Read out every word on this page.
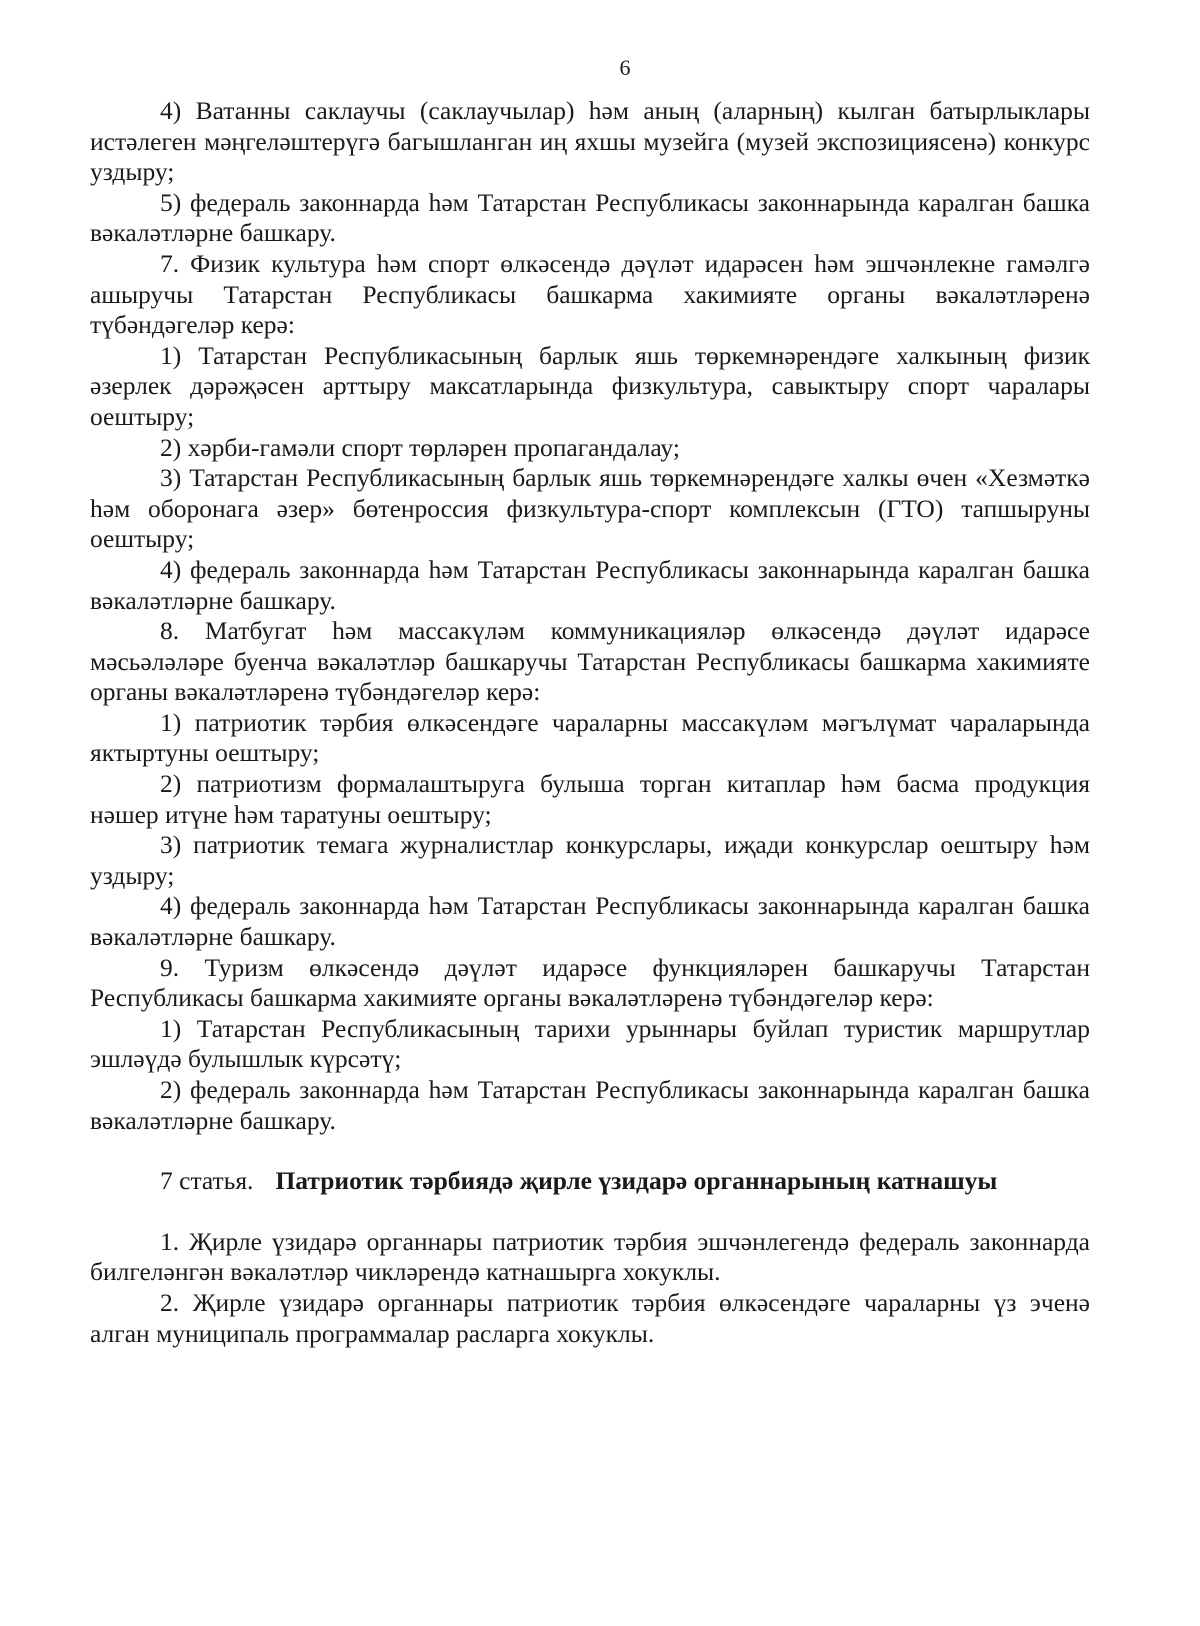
6

4) Ватанны саклаучы (саклаучылар) һәм аның (аларның) кылган батырлыклары истәлеген мәңгеләштерүгә багышланган иң яхшы музейга (музей экспозициясенә) конкурс уздыру;

5) федераль законнарда һәм Татарстан Республикасы законнарында каралган башка вәкаләтләрне башкару.

7. Физик культура һәм спорт өлкәсендә дәүләт идарәсен һәм эшчәнлекне гамәлгә ашыручы Татарстан Республикасы башкарма хакимияте органы вәкаләтләренә түбәндәгеләр керә:

1) Татарстан Республикасының барлык яшь төркемнәрендәге халкының физик әзерлек дәрәҗәсен арттыру максатларында физкультура, савыктыру спорт чаралары оештыру;

2) хәрби-гамәли спорт төрләрен пропагандалау;

3) Татарстан Республикасының барлык яшь төркемнәрендәге халкы өчен «Хезмәткә һәм оборонага әзер» бөтенроссия физкультура-спорт комплексын (ГТО) тапшыруны оештыру;

4) федераль законнарда һәм Татарстан Республикасы законнарында каралган башка вәкаләтләрне башкару.

8. Матбугат һәм массакүләм коммуникацияләр өлкәсендә дәүләт идарәсе мәсьәләләре буенча вәкаләтләр башкаручы Татарстан Республикасы башкарма хакимияте органы вәкаләтләренә түбәндәгеләр керә:

1) патриотик тәрбия өлкәсендәге чараларны массакүләм мәгълүмат чараларында яктыртуны оештыру;

2) патриотизм формалаштыруга булыша торган китаплар һәм басма продукция нәшер итүне һәм таратуны оештыру;

3) патриотик темага журналистлар конкурслары, иҗади конкурслар оештыру һәм уздыру;

4) федераль законнарда һәм Татарстан Республикасы законнарында каралган башка вәкаләтләрне башкару.

9. Туризм өлкәсендә дәүләт идарәсе функцияләрен башкаручы Татарстан Республикасы башкарма хакимияте органы вәкаләтләренә түбәндәгеләр керә:

1) Татарстан Республикасының тарихи урыннары буйлап туристик маршрутлар эшләүдә булышлык күрсәтү;

2) федераль законнарда һәм Татарстан Республикасы законнарында каралган башка вәкаләтләрне башкару.

7 статья. Патриотик тәрбиядә җирле үзидарә органнарының катнашуы

1. Җирле үзидарә органнары патриотик тәрбия эшчәнлегендә федераль законнарда билгеләнгән вәкаләтләр чикләрендә катнашырга хокуклы.

2. Җирле үзидарә органнары патриотик тәрбия өлкәсендәге чараларны үз эченә алган муниципаль программалар расларга хокуклы.
